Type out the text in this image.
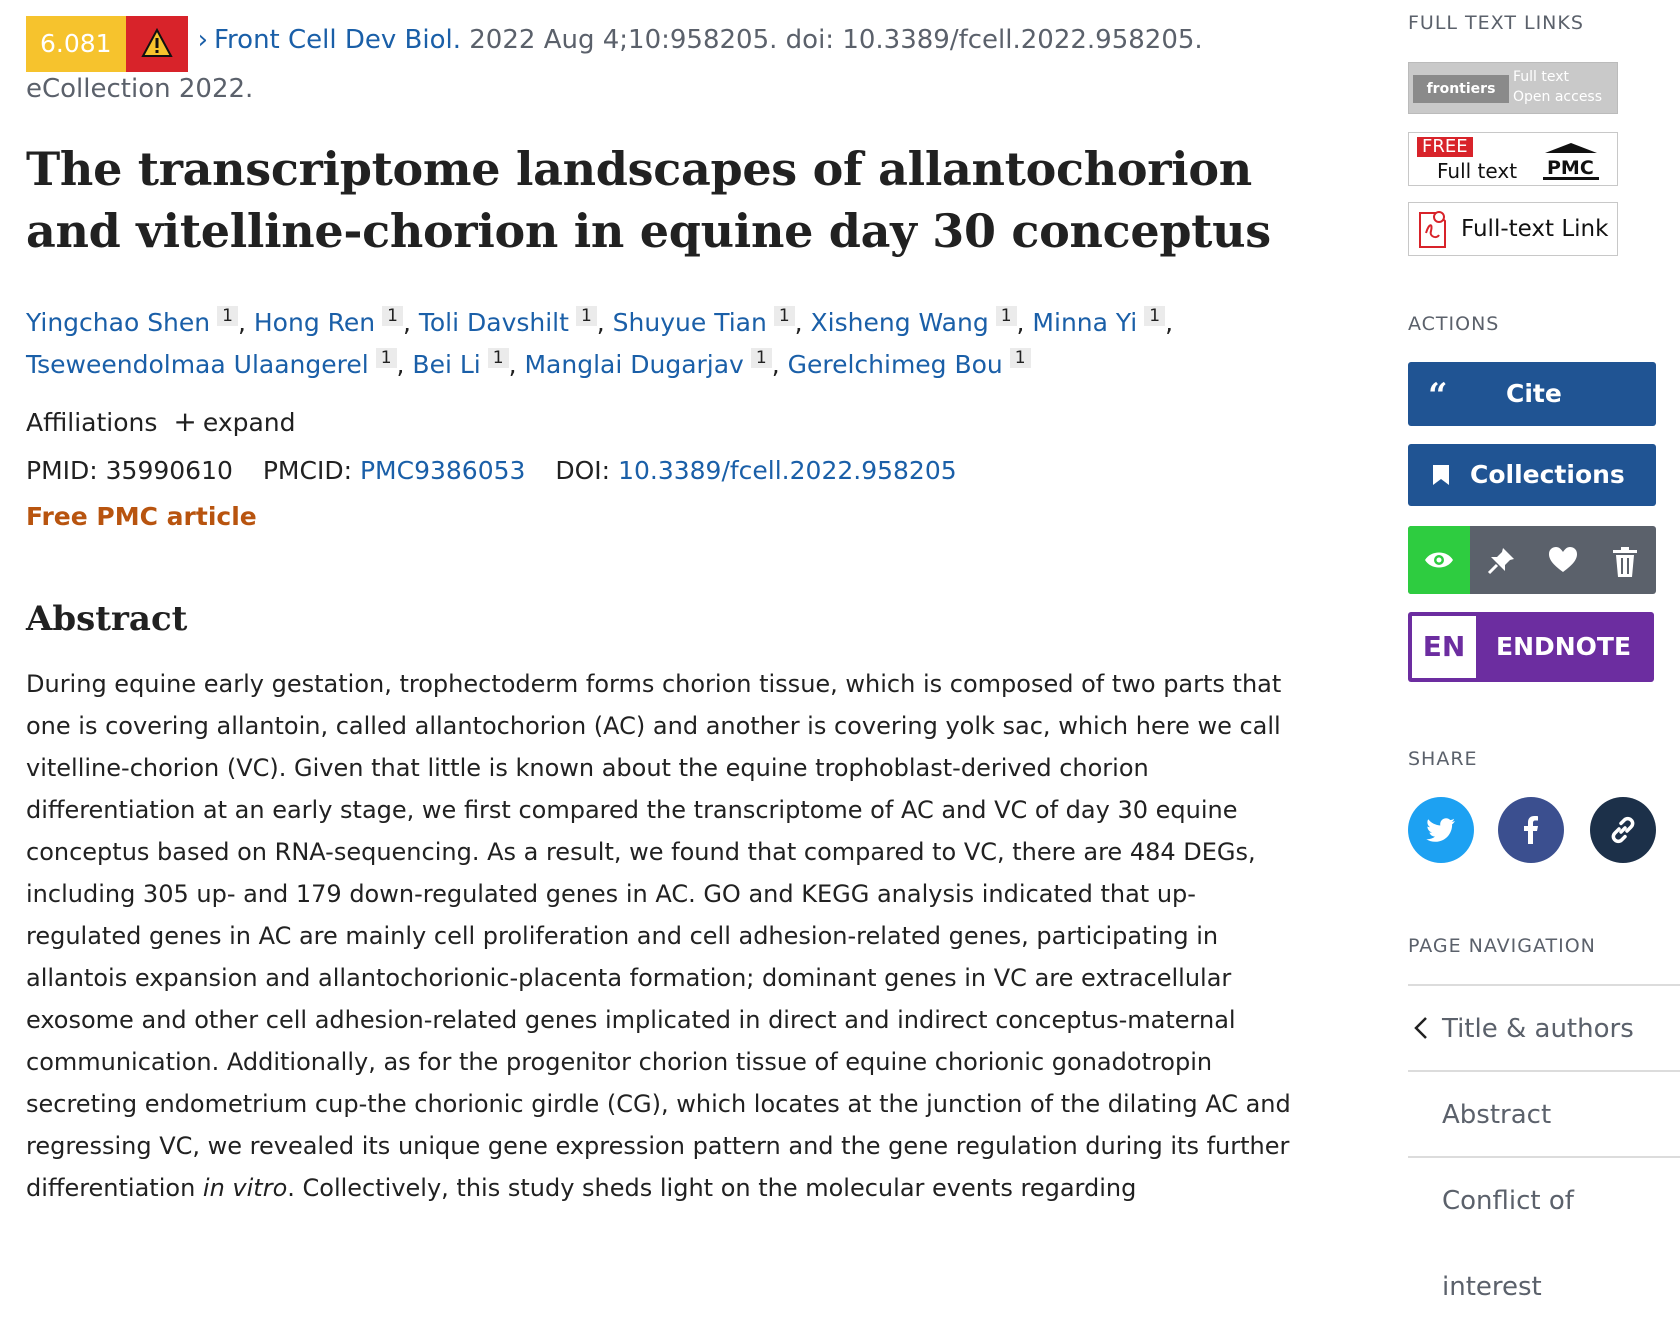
6.081	› Front Cell Dev Biol. 2022 Aug 4;10:958205. doi: 10.3389/fcell.2022.958205.
eCollection 2022.
The transcriptome landscapes of allantochorion and vitelline-chorion in equine day 30 conceptus
Yingchao Shen $^1$ , Hong Ren $^1$ , Toli Davshilt $^1$ , Shuyue Tian $^1$ , Xisheng Wang $^1$ , Minna Yi $^1$ ,
Tseweendolmaa Ulaangerel $^1$ , Bei Li $^1$ , Manglai Dugarjav $^1$ , Gerelchimeg Bou $^1$
Affiliations + expand
PMID: 35990610 PMCID: PMC9386053 DOI: 10.3389/fcell.2022.958205
Free PMC article
Abstract

During equine early gestation, trophectoderm forms chorion tissue, which is composed of two parts that one is covering allantoin, called allantochorion (AC) and another is covering yolk sac, which here we call vitelline-chorion (VC). Given that little is known about the equine trophoblast-derived chorion differentiation at an early stage, we first compared the transcriptome of AC and VC of day 30 equine conceptus based on RNA-sequencing. As a result, we found that compared to VC, there are 484 DEGs, including 305 up- and 179 down-regulated genes in AC. GO and KEGG analysis indicated that up-regulated genes in AC are mainly cell proliferation and cell adhesion-related genes, participating in allantois expansion and allantochorionic-placenta formation; dominant genes in VC are extracellular exosome and other cell adhesion-related genes implicated in direct and indirect conceptus-maternal communication. Additionally, as for the progenitor chorion tissue of equine chorionic gonadotropin secreting endometrium cup-the chorionic girdle (CG), which locates at the junction of the dilating AC and regressing VC, we revealed its unique gene expression pattern and the gene regulation during its further differentiation in vitro. Collectively, this study sheds light on the molecular events regarding

FULL TEXT LINKS
frontiers
Full text
Open access
FREE
Full text PMC
Full-text Link
ACTIONS
“ Cite
Collections
EN	ENDNOTE
SHARE
PAGE NAVIGATION
Title & authors
Abstract
Conflict of interest
